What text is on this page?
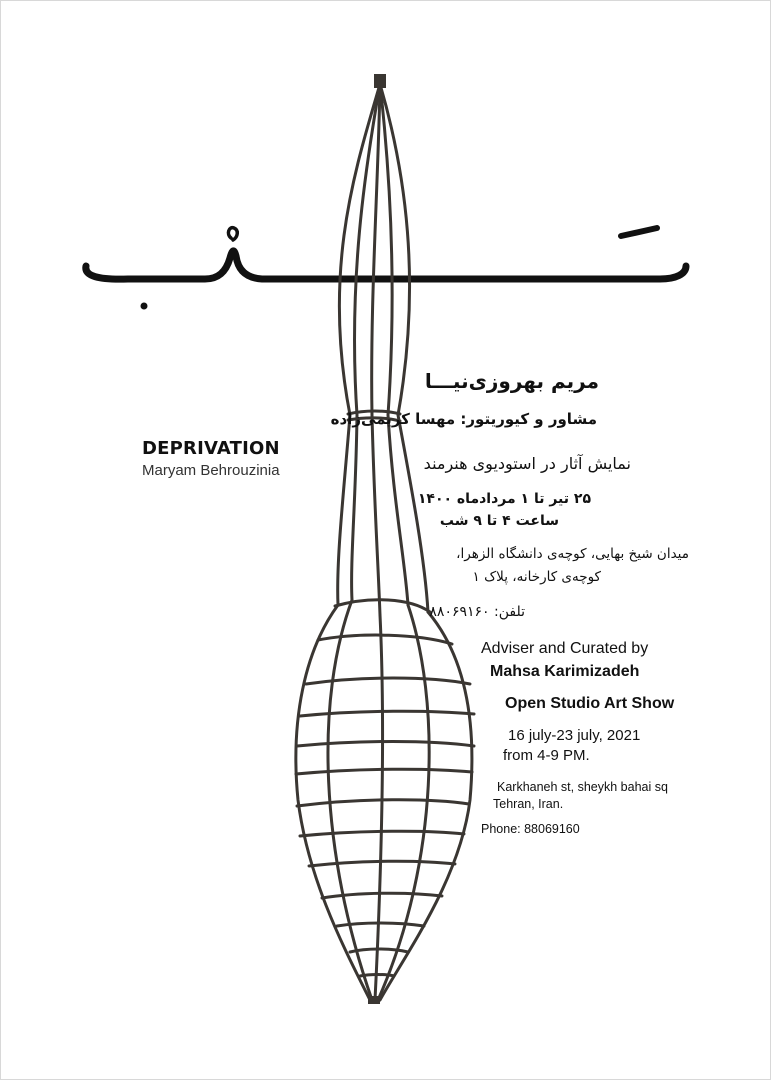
DEPRIVATION

Maryam Behrouzinia

مریم بهروزی‌نیـــا

مشاور و کیوریتور: مهسا کریمی‌زاده

نمایش آثار در استودیوی هنرمند

۲۵ تیر تا ۱ مردادماه ۱۴۰۰

ساعت ۴ تا ۹ شب

میدان شیخ بهایی، کوچه‌ی دانشگاه الزهرا،

کوچه‌ی کارخانه، پلاک ۱

تلفن: ۸۸۰۶۹۱۶۰

Adviser and Curated by

Mahsa Karimizadeh

Open Studio Art Show

16 july-23 july, 2021

from 4-9 PM.

Karkhaneh st, sheykh bahai sq

Tehran, Iran.

Phone: 88069160
